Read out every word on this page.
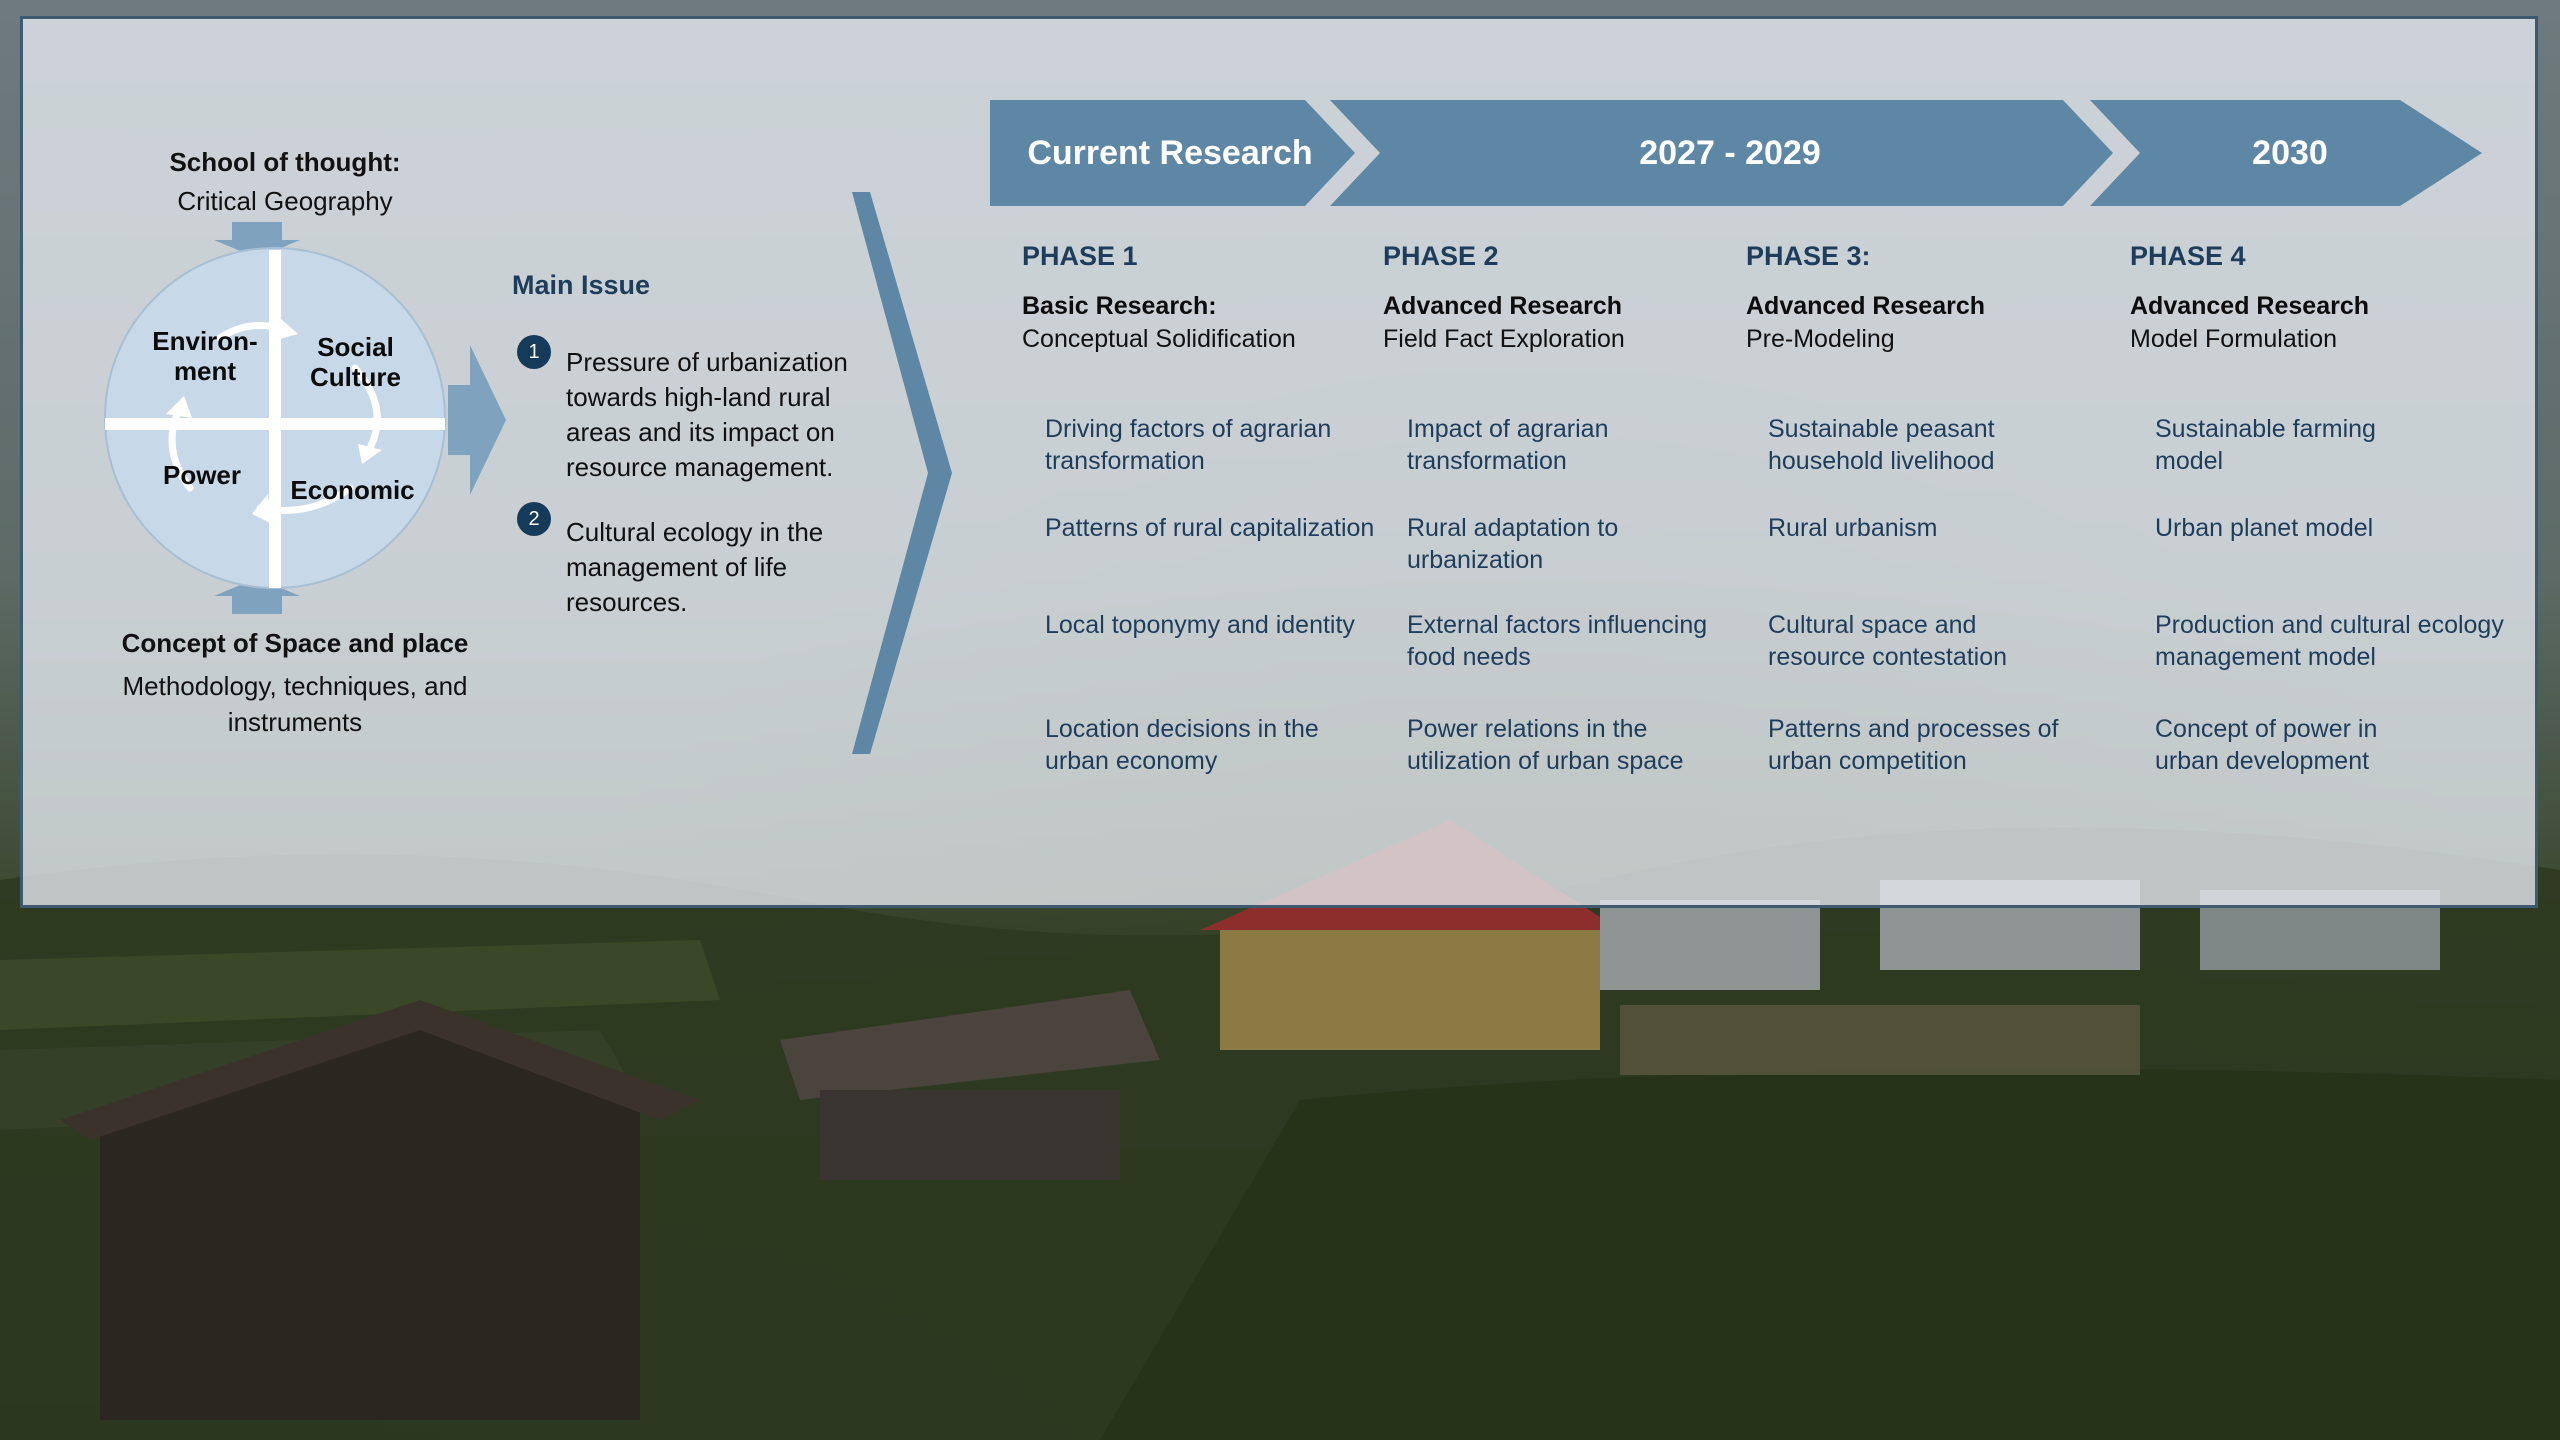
School of thought:
Critical Geography
Environ-
ment
Social
Culture
Power	Economic
Concept of Space and place
Methodology, techniques, and instruments
Main Issue
1	Pressure of urbanization towards high-land rural areas and its impact on resource management.
2	Cultural ecology in the management of life resources.
Current Research	2027 - 2029	2030
PHASE 1
Basic Research:
Conceptual Solidification
Driving factors of agrarian transformation
Patterns of rural capitalization
Local toponymy and identity
Location decisions in the urban economy
PHASE 2
Advanced Research
Field Fact Exploration
Impact of agrarian transformation
Rural adaptation to urbanization
External factors influencing food needs
Power relations in the utilization of urban space
PHASE 3:
Advanced Research
Pre-Modeling
Sustainable peasant household livelihood
Rural urbanism
Cultural space and resource contestation
Patterns and processes of urban competition
PHASE 4
Advanced Research
Model Formulation
Sustainable farming model
Urban planet model
Production and cultural ecology management model
Concept of power in urban development
